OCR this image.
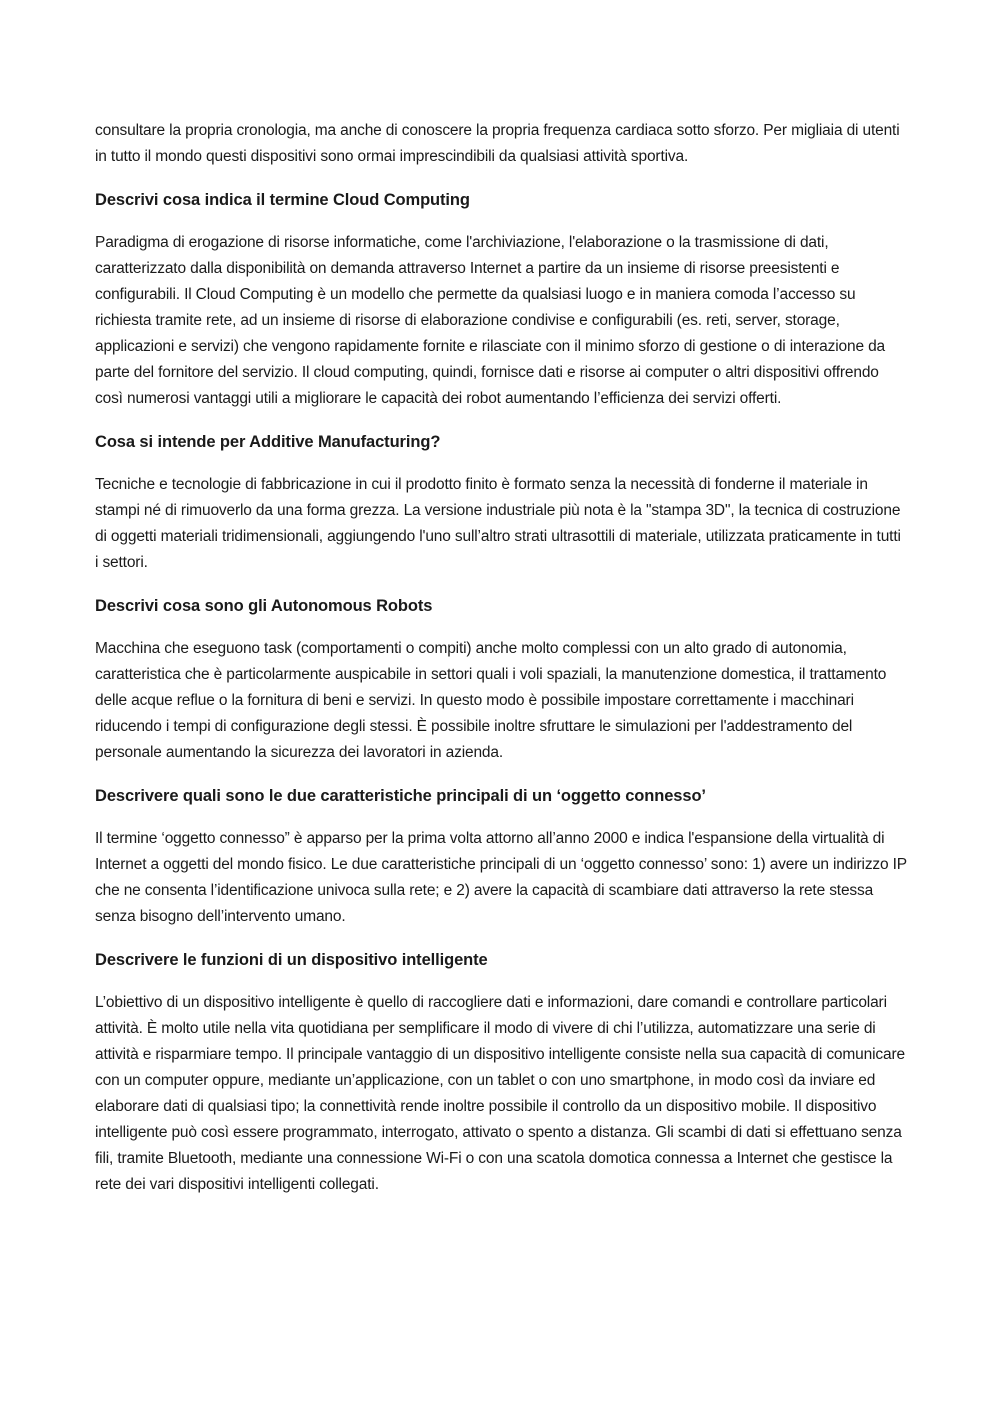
consultare la propria cronologia, ma anche di conoscere la propria frequenza cardiaca sotto sforzo. Per migliaia di utenti in tutto il mondo questi dispositivi sono ormai imprescindibili da qualsiasi attività sportiva.

Descrivi cosa indica il termine Cloud Computing

Paradigma di erogazione di risorse informatiche, come l'archiviazione, l'elaborazione o la trasmissione di dati, caratterizzato dalla disponibilità on demanda attraverso Internet a partire da un insieme di risorse preesistenti e configurabili. Il Cloud Computing è un modello che permette da qualsiasi luogo e in maniera comoda l’accesso su richiesta tramite rete, ad un insieme di risorse di elaborazione condivise e configurabili (es. reti, server, storage, applicazioni e servizi) che vengono rapidamente fornite e rilasciate con il minimo sforzo di gestione o di interazione da parte del fornitore del servizio. Il cloud computing, quindi, fornisce dati e risorse ai computer o altri dispositivi offrendo così numerosi vantaggi utili a migliorare le capacità dei robot aumentando l’efficienza dei servizi offerti.

Cosa si intende per Additive Manufacturing?

Tecniche e tecnologie di fabbricazione in cui il prodotto finito è formato senza la necessità di fonderne il materiale in stampi né di rimuoverlo da una forma grezza. La versione industriale più nota è la "stampa 3D", la tecnica di costruzione di oggetti materiali tridimensionali, aggiungendo l'uno sull’altro strati ultrasottili di materiale, utilizzata praticamente in tutti i settori.

Descrivi cosa sono gli Autonomous Robots

Macchina che eseguono task (comportamenti o compiti) anche molto complessi con un alto grado di autonomia, caratteristica che è particolarmente auspicabile in settori quali i voli spaziali, la manutenzione domestica, il trattamento delle acque reflue o la fornitura di beni e servizi. In questo modo è possibile impostare correttamente i macchinari riducendo i tempi di configurazione degli stessi. È possibile inoltre sfruttare le simulazioni per l'addestramento del personale aumentando la sicurezza dei lavoratori in azienda.

Descrivere quali sono le due caratteristiche principali di un ‘oggetto connesso’

Il termine ‘oggetto connesso” è apparso per la prima volta attorno all’anno 2000 e indica l'espansione della virtualità di Internet a oggetti del mondo fisico. Le due caratteristiche principali di un ‘oggetto connesso’ sono: 1) avere un indirizzo IP che ne consenta l’identificazione univoca sulla rete; e 2) avere la capacità di scambiare dati attraverso la rete stessa senza bisogno dell’intervento umano.

Descrivere le funzioni di un dispositivo intelligente

L’obiettivo di un dispositivo intelligente è quello di raccogliere dati e informazioni, dare comandi e controllare particolari attività. È molto utile nella vita quotidiana per semplificare il modo di vivere di chi l’utilizza, automatizzare una serie di attività e risparmiare tempo. Il principale vantaggio di un dispositivo intelligente consiste nella sua capacità di comunicare con un computer oppure, mediante un’applicazione, con un tablet o con uno smartphone, in modo così da inviare ed elaborare dati di qualsiasi tipo; la connettività rende inoltre possibile il controllo da un dispositivo mobile. Il dispositivo intelligente può così essere programmato, interrogato, attivato o spento a distanza. Gli scambi di dati si effettuano senza fili, tramite Bluetooth, mediante una connessione Wi-Fi o con una scatola domotica connessa a Internet che gestisce la rete dei vari dispositivi intelligenti collegati.
